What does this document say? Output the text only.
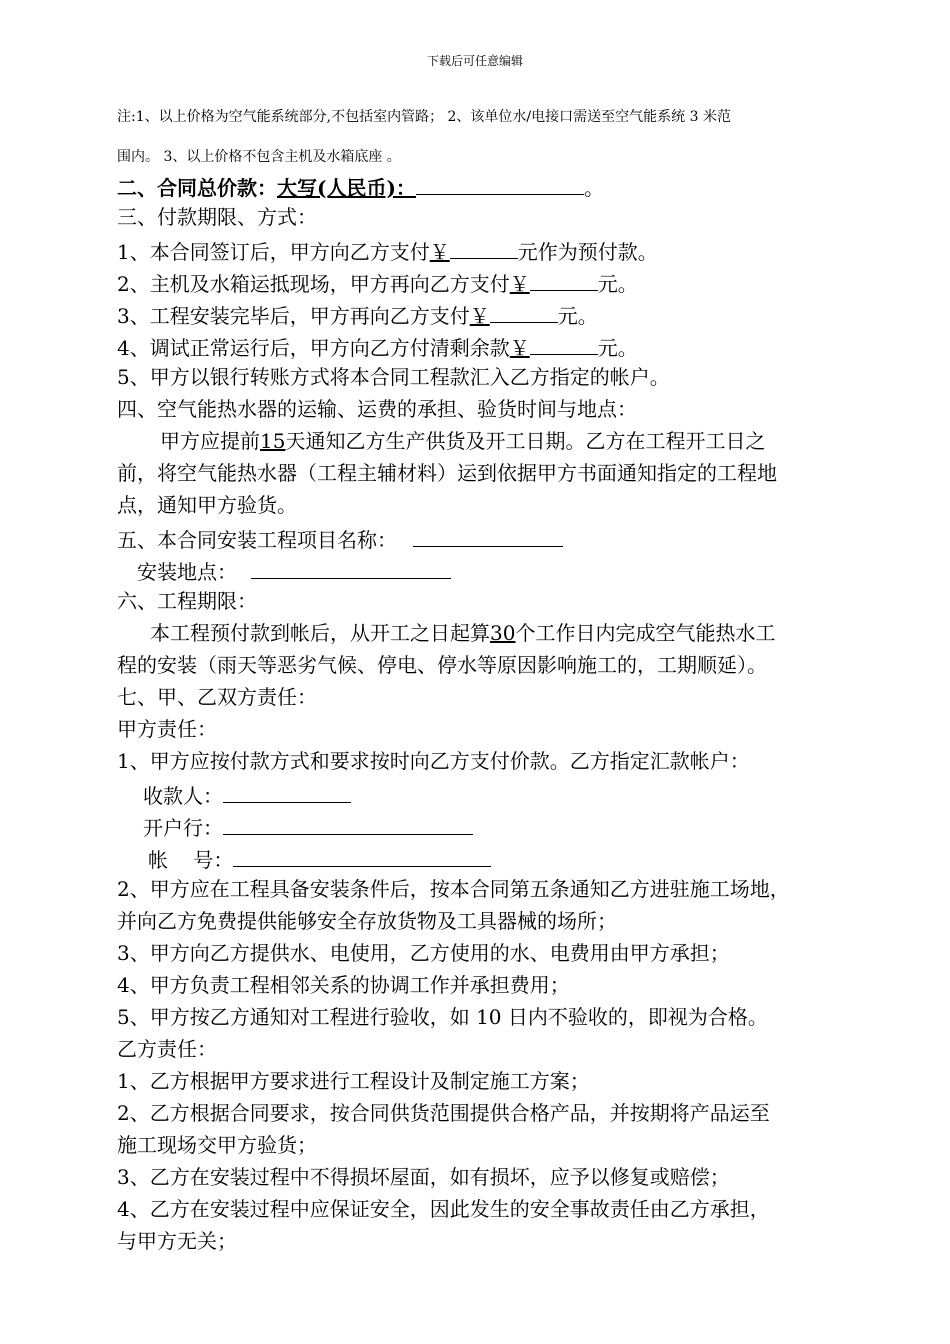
下载后可任意编辑
注:1、以上价格为空气能系统部分,不包括室内管路； 2、该单位水/电接口需送至空气能系统 3 米范
围内。 3、以上价格不包含主机及水箱底座 。
二、合同总价款：大写(人民币)：	。
三、付款期限、方式：
1、本合同签订后，甲方向乙方支付￥	元作为预付款。
2、主机及水箱运抵现场，甲方再向乙方支付￥	元。
3、工程安装完毕后，甲方再向乙方支付￥	元。
4、调试正常运行后，甲方向乙方付清剩余款￥	元。
5、甲方以银行转账方式将本合同工程款汇入乙方指定的帐户。
四、空气能热水器的运输、运费的承担、验货时间与地点：
甲方应提前15天通知乙方生产供货及开工日期。乙方在工程开工日之
前，将空气能热水器（工程主辅材料）运到依据甲方书面通知指定的工程地
点，通知甲方验货。
五、本合同安装工程项目名称：
安装地点：
六、工程期限：
本工程预付款到帐后，从开工之日起算30个工作日内完成空气能热水工
程的安装（雨天等恶劣气候、停电、停水等原因影响施工的，工期顺延）。
七、甲、乙双方责任：
甲方责任：
1、甲方应按付款方式和要求按时向乙方支付价款。乙方指定汇款帐户：
收款人：
开户行：
帐    号：
2、甲方应在工程具备安装条件后，按本合同第五条通知乙方进驻施工场地，
并向乙方免费提供能够安全存放货物及工具器械的场所；
3、甲方向乙方提供水、电使用，乙方使用的水、电费用由甲方承担；
4、甲方负责工程相邻关系的协调工作并承担费用；
5、甲方按乙方通知对工程进行验收，如 10 日内不验收的，即视为合格。
乙方责任：
1、乙方根据甲方要求进行工程设计及制定施工方案；
2、乙方根据合同要求，按合同供货范围提供合格产品，并按期将产品运至
施工现场交甲方验货；
3、乙方在安装过程中不得损坏屋面，如有损坏，应予以修复或赔偿；
4、乙方在安装过程中应保证安全，因此发生的安全事故责任由乙方承担，
与甲方无关；
